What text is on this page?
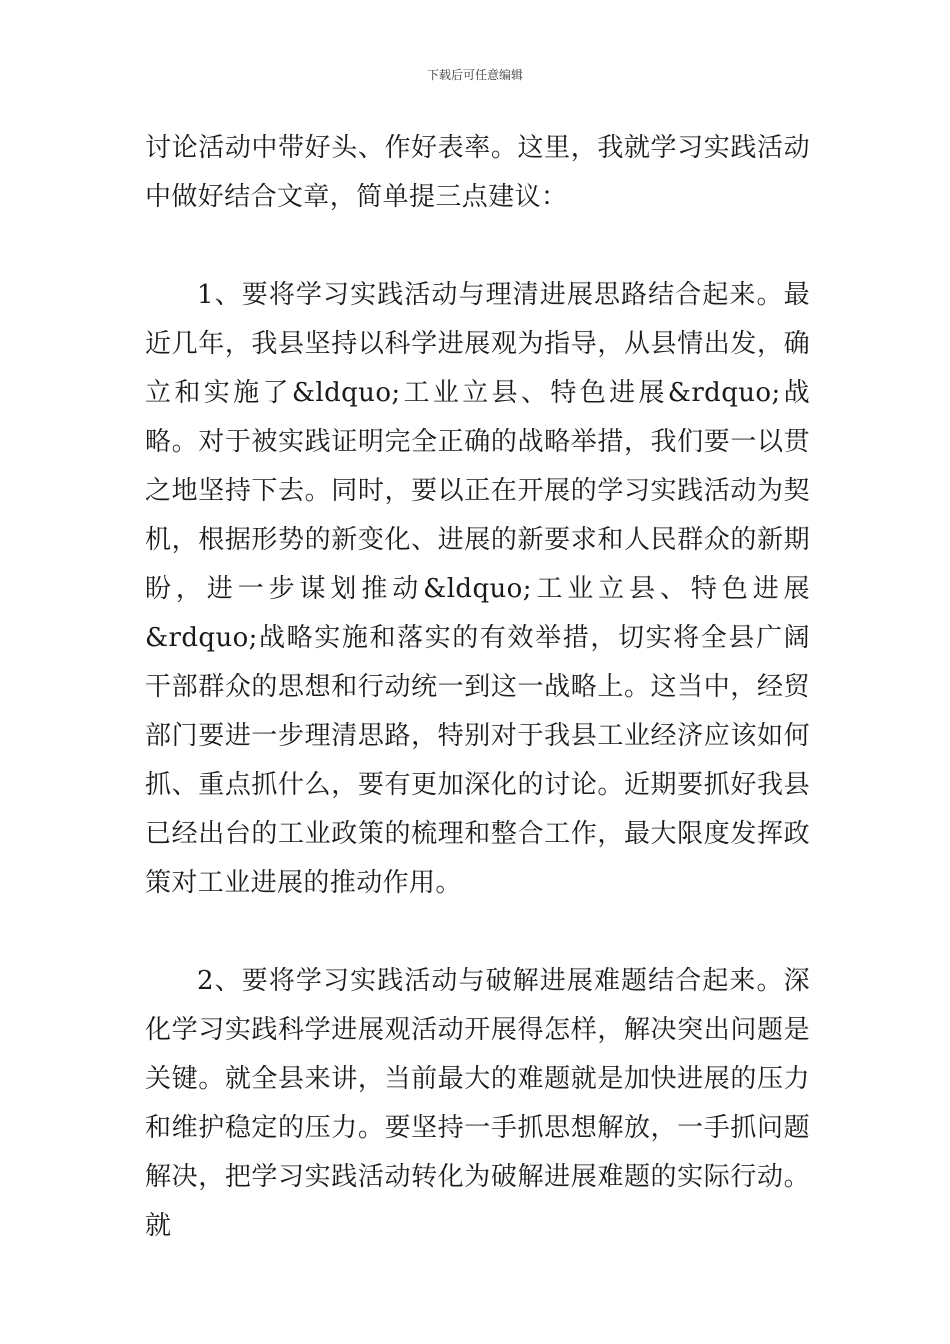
下载后可任意编辑

讨论活动中带好头、作好表率。这里，我就学习实践活动中做好结合文章，简单提三点建议：

1、要将学习实践活动与理清进展思路结合起来。最近几年，我县坚持以科学进展观为指导，从县情出发，确立和实施了&ldquo;工业立县、特色进展&rdquo;战略。对于被实践证明完全正确的战略举措，我们要一以贯之地坚持下去。同时，要以正在开展的学习实践活动为契机，根据形势的新变化、进展的新要求和人民群众的新期盼，进一步谋划推动&ldquo;工业立县、特色进展&rdquo;战略实施和落实的有效举措，切实将全县广阔干部群众的思想和行动统一到这一战略上。这当中，经贸部门要进一步理清思路，特别对于我县工业经济应该如何抓、重点抓什么，要有更加深化的讨论。近期要抓好我县已经出台的工业政策的梳理和整合工作，最大限度发挥政策对工业进展的推动作用。

2、要将学习实践活动与破解进展难题结合起来。深化学习实践科学进展观活动开展得怎样，解决突出问题是关键。就全县来讲，当前最大的难题就是加快进展的压力和维护稳定的压力。要坚持一手抓思想解放，一手抓问题解决，把学习实践活动转化为破解进展难题的实际行动。就
